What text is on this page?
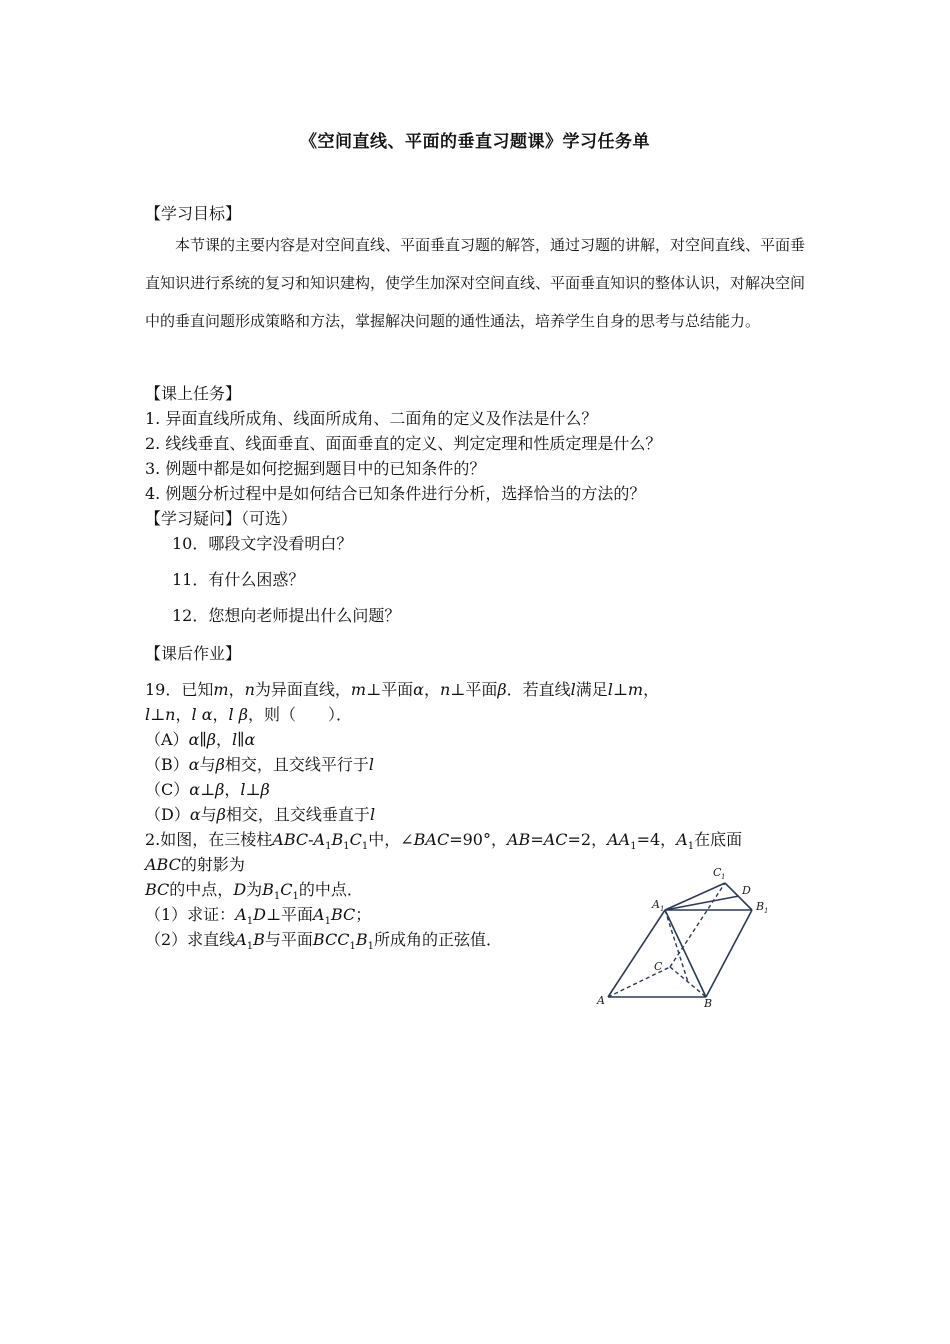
《空间直线、平面的垂直习题课》学习任务单
【学习目标】
本节课的主要内容是对空间直线、平面垂直习题的解答，通过习题的讲解，对空间直线、平面垂直知识进行系统的复习和知识建构，使学生加深对空间直线、平面垂直知识的整体认识，对解决空间中的垂直问题形成策略和方法，掌握解决问题的通性通法，培养学生自身的思考与总结能力。
【课上任务】
1. 异面直线所成角、线面所成角、二面角的定义及作法是什么？
2. 线线垂直、线面垂直、面面垂直的定义、判定定理和性质定理是什么？
3. 例题中都是如何挖掘到题目中的已知条件的？
4. 例题分析过程中是如何结合已知条件进行分析，选择恰当的方法的？
【学习疑问】（可选）
10．哪段文字没看明白？
11．有什么困惑？
12．您想向老师提出什么问题？
【课后作业】
19．已知m，n为异面直线，m⊥平面α，n⊥平面β．若直线l满足l⊥m，
l⊥n，l α，l β，则（　　）．
（A）α∥β，l∥α
（B）α与β相交，且交线平行于l
（C）α⊥β，l⊥β
（D）α与β相交，且交线垂直于l
2.如图，在三棱柱ABC-$A_1B_1C_1$中，∠BAC=90°，AB=AC=2，$AA_1=4$，$A_1$在底面
ABC的射影为
BC的中点，D为$B_1C_1$的中点．
（1）求证：$A_1D\perp$平面$A_1BC$；
（2）求直线$A_1B$与平面$BCC_1B_1$所成角的正弦值．
A	B
C
A 1	B 1
C 1
D
